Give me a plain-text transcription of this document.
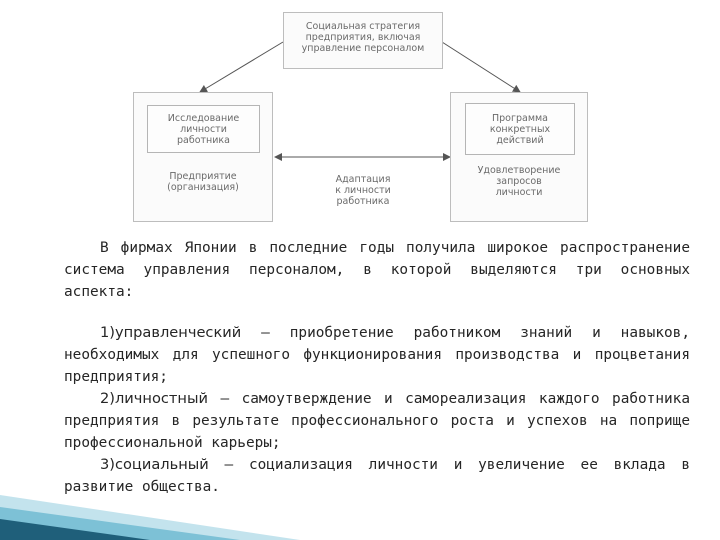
Социальная стратегия
предприятия, включая
управление персоналом
Исследование
личности
работника
Предприятие
(организация)
Программа
конкретных
действий
Удовлетворение
запросов
личности
Адаптация
к личности
работника

В фирмах Японии в последние годы получила широкое распространение система управления персоналом, в которой выделяются три основных аспекта:

1)управленческий — приобретение работником знаний и навыков, необходимых для успешного функционирования производства и процветания предприятия;

2)личностный — самоутверждение и самореализация каждого работника предприятия в результате профессионального роста и успехов на поприще профессиональной карьеры;

3)социальный — социализация личности и увеличение ее вклада в развитие общества.
